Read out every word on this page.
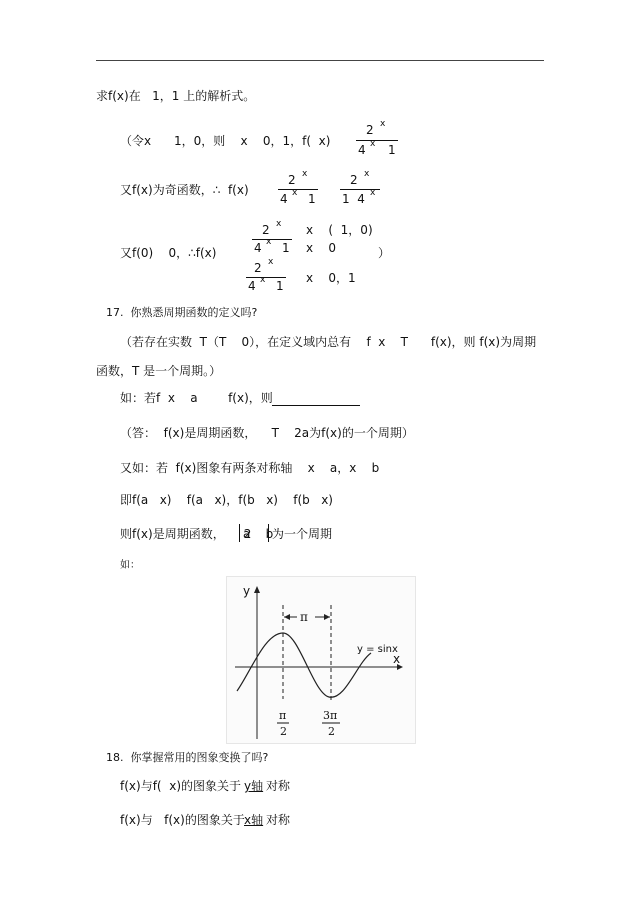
求f(x)在   1，1 上的解析式。
（令x      1，0，则    x    0，1，f(  x)
2 x
4 x 1
又f(x)为奇函数，∴  f(x)
2 x
4 x 1
2 x
1  4 x
又f(0)    0，∴f(x)
2 x
4 x 1
x    (  1，0)
x    0
2 x
4 x 1
x    0，1
）
17.  你熟悉周期函数的定义吗?
（若存在实数  T（T    0），在定义域内总有    f  x    T      f(x)，则 f(x)为周期
函数，T 是一个周期。）
如：若f  x    a        f(x)，则
（答：  f(x)是周期函数，    T    2a为f(x)的一个周期）
又如：若  f(x)图象有两条对称轴    x    a，x    b
即f(a   x)    f(a   x)，f(b   x)    f(b   x)
则f(x)是周期函数，     2
a    b
为一个周期
如：
π
y
x
y = sinx
π
2
3π
2
18.  你掌握常用的图象变换了吗?
f(x)与f(  x)的图象关于 y轴 对称
f(x)与   f(x)的图象关于 x轴 对称
